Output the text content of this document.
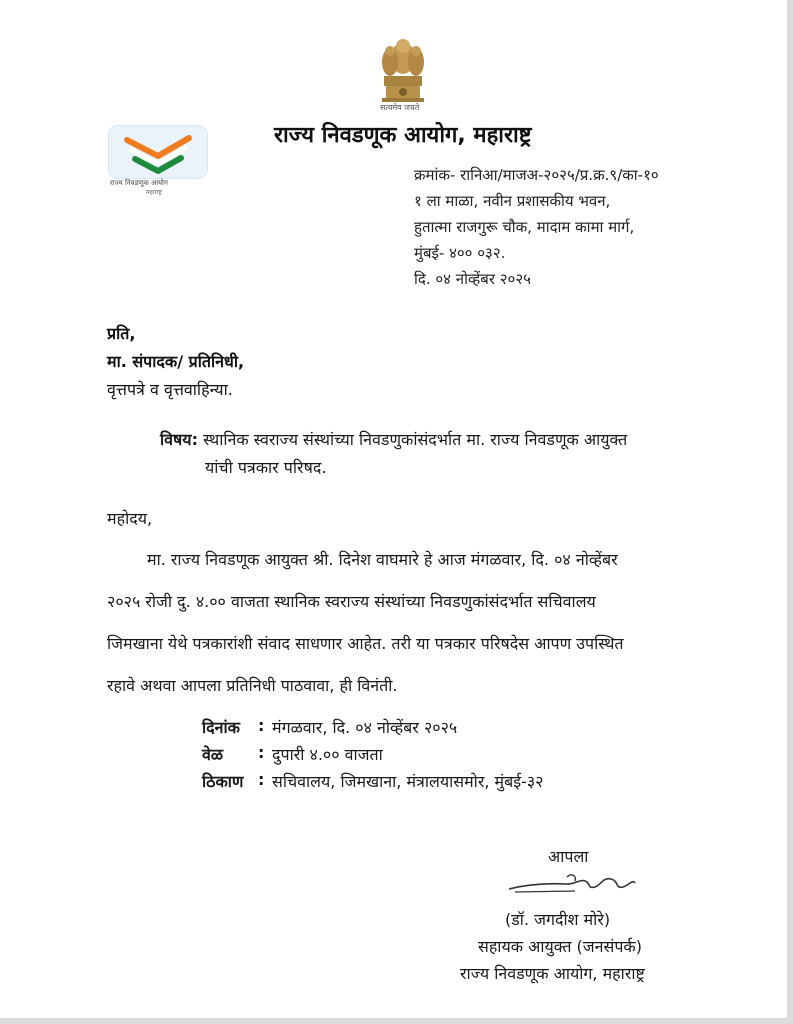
सत्यमेव जयते
राज्य निवडणूक आयोग
महाराष्ट्र
राज्य निवडणूक आयोग, महाराष्ट्र
क्रमांक- रानिआ/माजअ-२०२५/प्र.क्र.९/का-१०
१ ला माळा, नवीन प्रशासकीय भवन,
हुतात्मा राजगुरू चौक, मादाम कामा मार्ग,
मुंबई- ४०० ०३२.
दि. ०४ नोव्हेंबर २०२५
प्रति,
मा. संपादक/ प्रतिनिधी,
वृत्तपत्रे व वृत्तवाहिन्या.
विषय: स्थानिक स्वराज्य संस्थांच्या निवडणुकांसंदर्भात मा. राज्य निवडणूक आयुक्त
यांची पत्रकार परिषद.
महोदय,
मा. राज्य निवडणूक आयुक्त श्री. दिनेश वाघमारे हे आज मंगळवार, दि. ०४ नोव्हेंबर
२०२५ रोजी दु. ४.०० वाजता स्थानिक स्वराज्य संस्थांच्या निवडणुकांसंदर्भात सचिवालय
जिमखाना येथे पत्रकारांशी संवाद साधणार आहेत. तरी या पत्रकार परिषदेस आपण उपस्थित
रहावे अथवा आपला प्रतिनिधी पाठवावा, ही विनंती.
दिनांक : मंगळवार, दि. ०४ नोव्हेंबर २०२५
वेळ : दुपारी ४.०० वाजता
ठिकाण : सचिवालय, जिमखाना, मंत्रालयासमोर, मुंबई-३२
आपला
(डॉ. जगदीश मोरे)
सहायक आयुक्त (जनसंपर्क)
राज्य निवडणूक आयोग, महाराष्ट्र
